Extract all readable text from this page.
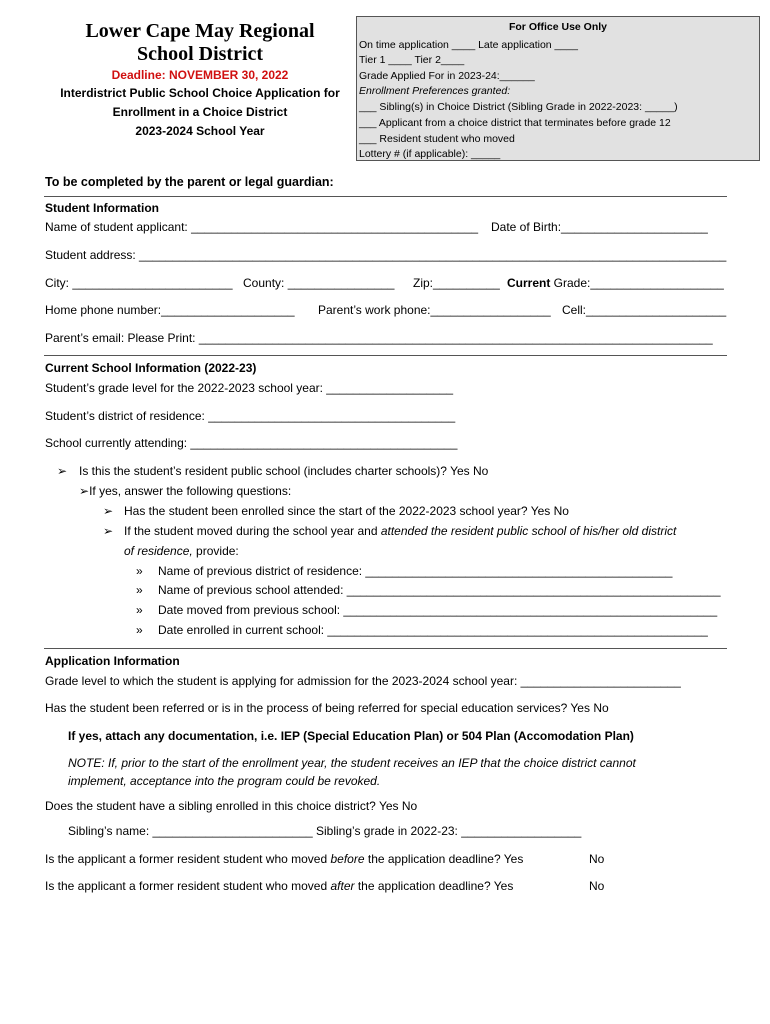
Lower Cape May Regional
School District
Deadline: NOVEMBER 30, 2022
Interdistrict Public School Choice Application for
Enrollment in a Choice District
2023-2024 School Year
For Office Use Only
On time application ____ Late application ____
Tier 1 ____ Tier 2____
Grade Applied For in 2023-24:______
Enrollment Preferences granted:
___ Sibling(s) in Choice District (Sibling Grade in 2022-2023: _____)
___ Applicant from a choice district that terminates before grade 12
___ Resident student who moved
Lottery # (if applicable): _____
To be completed by the parent or legal guardian:
Student Information
Name of student applicant: ___________________________________________ Date of Birth:______________________
Student address: ________________________________________________________________________________________
City: ________________________ County: ________________ Zip:__________ Current Grade:____________________
Home phone number:____________________ Parent’s work phone:__________________ Cell:_____________________
Parent’s email: Please Print: _____________________________________________________________________________
Current School Information (2022-23)
Student’s grade level for the 2022-2023 school year: ___________________
Student’s district of residence: _____________________________________
School currently attending: ________________________________________
➢ Is this the student’s resident public school (includes charter schools)? Yes No
➢If yes, answer the following questions:
➢ Has the student been enrolled since the start of the 2022-2023 school year? Yes No
➢ If the student moved during the school year and attended the resident public school of his/her old district
of residence, provide:
» Name of previous district of residence: ______________________________________________
» Name of previous school attended: ________________________________________________________
» Date moved from previous school: ________________________________________________________
» Date enrolled in current school: _________________________________________________________
Application Information
Grade level to which the student is applying for admission for the 2023-2024 school year: ________________________
Has the student been referred or is in the process of being referred for special education services? Yes No
If yes, attach any documentation, i.e. IEP (Special Education Plan) or 504 Plan (Accomodation Plan)
NOTE: If, prior to the start of the enrollment year, the student receives an IEP that the choice district cannot
implement, acceptance into the program could be revoked.
Does the student have a sibling enrolled in this choice district? Yes No
Sibling’s name: ________________________ Sibling’s grade in 2022-23: __________________
Is the applicant a former resident student who moved before the application deadline? Yes	No
Is the applicant a former resident student who moved after the application deadline? Yes	No
